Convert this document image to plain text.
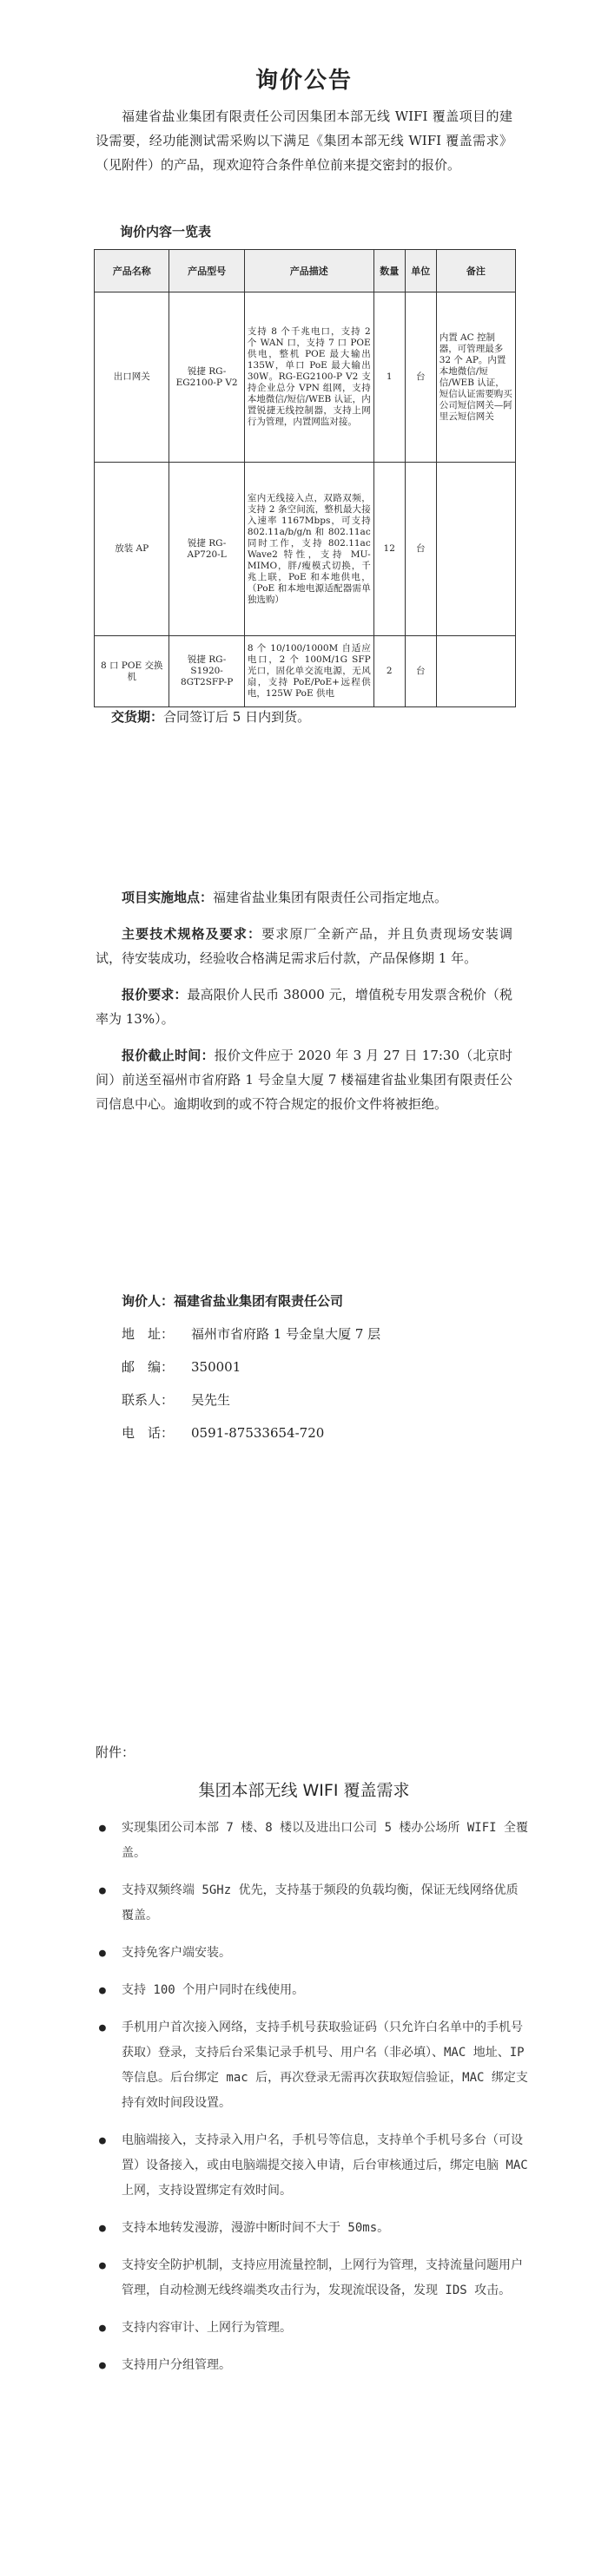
询价公告
福建省盐业集团有限责任公司因集团本部无线 WIFI 覆盖项目的建设需要，经功能测试需采购以下满足《集团本部无线 WIFI 覆盖需求》（见附件）的产品，现欢迎符合条件单位前来提交密封的报价。
询价内容一览表
产品名称	产品型号	产品描述	数量	单位	备注
出口网关	锐捷 RG-EG2100-P V2	支持 8 个千兆电口，支持 2 个 WAN 口，支持 7 口 POE 供电，整机 POE 最大输出 135W，单口 PoE 最大输出 30W。RG-EG2100-P V2 支持企业总分 VPN 组网，支持本地微信/短信/WEB 认证，内置锐捷无线控制器，支持上网行为管理，内置网监对接。	1	台	内置 AC 控制器，可管理最多 32 个 AP。内置本地微信/短信/WEB 认证，短信认证需要购买公司短信网关—阿里云短信网关
放装 AP	锐捷 RG-AP720-L	室内无线接入点，双路双频，支持 2 条空间流，整机最大接入速率 1167Mbps，可支持 802.11a/b/g/n 和 802.11ac 同时工作，支持 802.11ac Wave2 特性，支持 MU-MIMO，胖/瘦模式切换，千兆上联，PoE 和本地供电，（PoE 和本地电源适配器需单独选购）	12	台	
8 口 POE 交换机	锐捷 RG-S1920-8GT2SFP-P	8 个 10/100/1000M 自适应电口，2 个 100M/1G SFP 光口，固化单交流电源，无风扇，支持 PoE/PoE+远程供电，125W PoE 供电	2	台	
交货期：合同签订后 5 日内到货。
项目实施地点：福建省盐业集团有限责任公司指定地点。
主要技术规格及要求：要求原厂全新产品，并且负责现场安装调试，待安装成功，经验收合格满足需求后付款，产品保修期 1 年。
报价要求：最高限价人民币 38000 元，增值税专用发票含税价（税率为 13%）。
报价截止时间：报价文件应于 2020 年 3 月 27 日 17:30（北京时间）前送至福州市省府路 1 号金皇大厦 7 楼福建省盐业集团有限责任公司信息中心。逾期收到的或不符合规定的报价文件将被拒绝。
询价人：福建省盐业集团有限责任公司
地　址： 福州市省府路 1 号金皇大厦 7 层
邮　编： 350001
联系人： 吴先生
电　话： 0591-87533654-720
附件：
集团本部无线 WIFI 覆盖需求
● 实现集团公司本部 7 楼、8 楼以及进出口公司 5 楼办公场所 WIFI 全覆盖。
● 支持双频终端 5GHz 优先，支持基于频段的负载均衡，保证无线网络优质覆盖。
● 支持免客户端安装。
● 支持 100 个用户同时在线使用。
● 手机用户首次接入网络，支持手机号获取验证码（只允许白名单中的手机号获取）登录，支持后台采集记录手机号、用户名（非必填）、MAC 地址、IP 等信息。后台绑定 mac 后，再次登录无需再次获取短信验证，MAC 绑定支持有效时间段设置。
● 电脑端接入，支持录入用户名，手机号等信息，支持单个手机号多台（可设置）设备接入，或由电脑端提交接入申请，后台审核通过后，绑定电脑 MAC 上网，支持设置绑定有效时间。
● 支持本地转发漫游，漫游中断时间不大于 50ms。
● 支持安全防护机制，支持应用流量控制，上网行为管理，支持流量问题用户管理，自动检测无线终端类攻击行为，发现流氓设备，发现 IDS 攻击。
● 支持内容审计、上网行为管理。
● 支持用户分组管理。
